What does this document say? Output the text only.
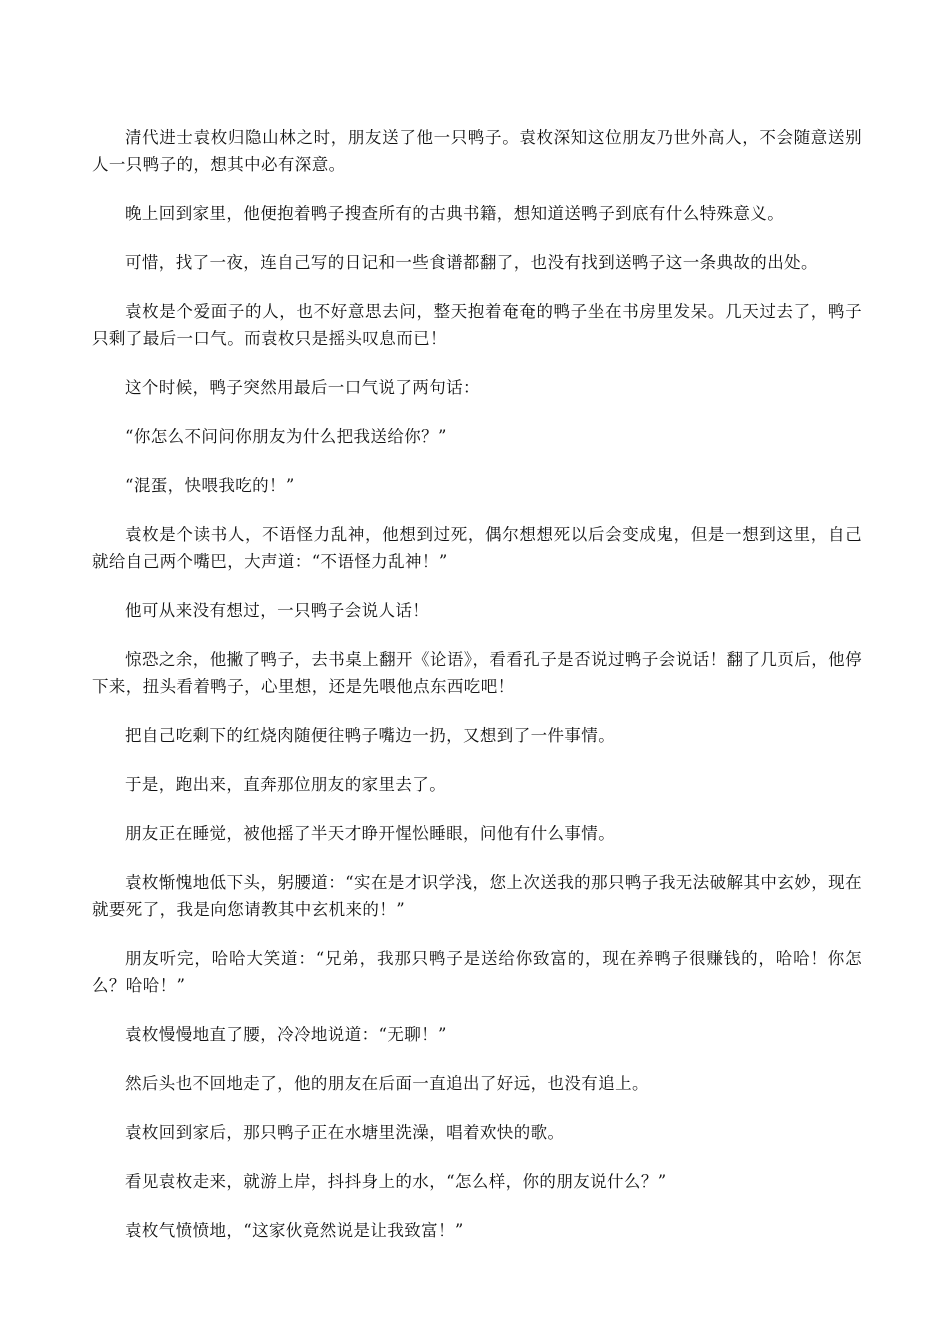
清代进士袁枚归隐山林之时，朋友送了他一只鸭子。袁枚深知这位朋友乃世外高人，不会随意送别人一只鸭子的，想其中必有深意。

晚上回到家里，他便抱着鸭子搜查所有的古典书籍，想知道送鸭子到底有什么特殊意义。

可惜，找了一夜，连自己写的日记和一些食谱都翻了，也没有找到送鸭子这一条典故的出处。

袁枚是个爱面子的人，也不好意思去问，整天抱着奄奄的鸭子坐在书房里发呆。几天过去了，鸭子只剩了最后一口气。而袁枚只是摇头叹息而已！

这个时候，鸭子突然用最后一口气说了两句话：

“你怎么不问问你朋友为什么把我送给你？”

“混蛋，快喂我吃的！”

袁枚是个读书人，不语怪力乱神，他想到过死，偶尔想想死以后会变成鬼，但是一想到这里，自己就给自己两个嘴巴，大声道：“不语怪力乱神！”

他可从来没有想过，一只鸭子会说人话！

惊恐之余，他撇了鸭子，去书桌上翻开《论语》，看看孔子是否说过鸭子会说话！翻了几页后，他停下来，扭头看着鸭子，心里想，还是先喂他点东西吃吧！

把自己吃剩下的红烧肉随便往鸭子嘴边一扔，又想到了一件事情。

于是，跑出来，直奔那位朋友的家里去了。

朋友正在睡觉，被他摇了半天才睁开惺忪睡眼，问他有什么事情。

袁枚惭愧地低下头，躬腰道：“实在是才识学浅，您上次送我的那只鸭子我无法破解其中玄妙，现在就要死了，我是向您请教其中玄机来的！”

朋友听完，哈哈大笑道：“兄弟，我那只鸭子是送给你致富的，现在养鸭子很赚钱的，哈哈！你怎么？哈哈！”

袁枚慢慢地直了腰，冷冷地说道：“无聊！”

然后头也不回地走了，他的朋友在后面一直追出了好远，也没有追上。

袁枚回到家后，那只鸭子正在水塘里洗澡，唱着欢快的歌。

看见袁枚走来，就游上岸，抖抖身上的水，“怎么样，你的朋友说什么？”

袁枚气愤愤地，“这家伙竟然说是让我致富！”
